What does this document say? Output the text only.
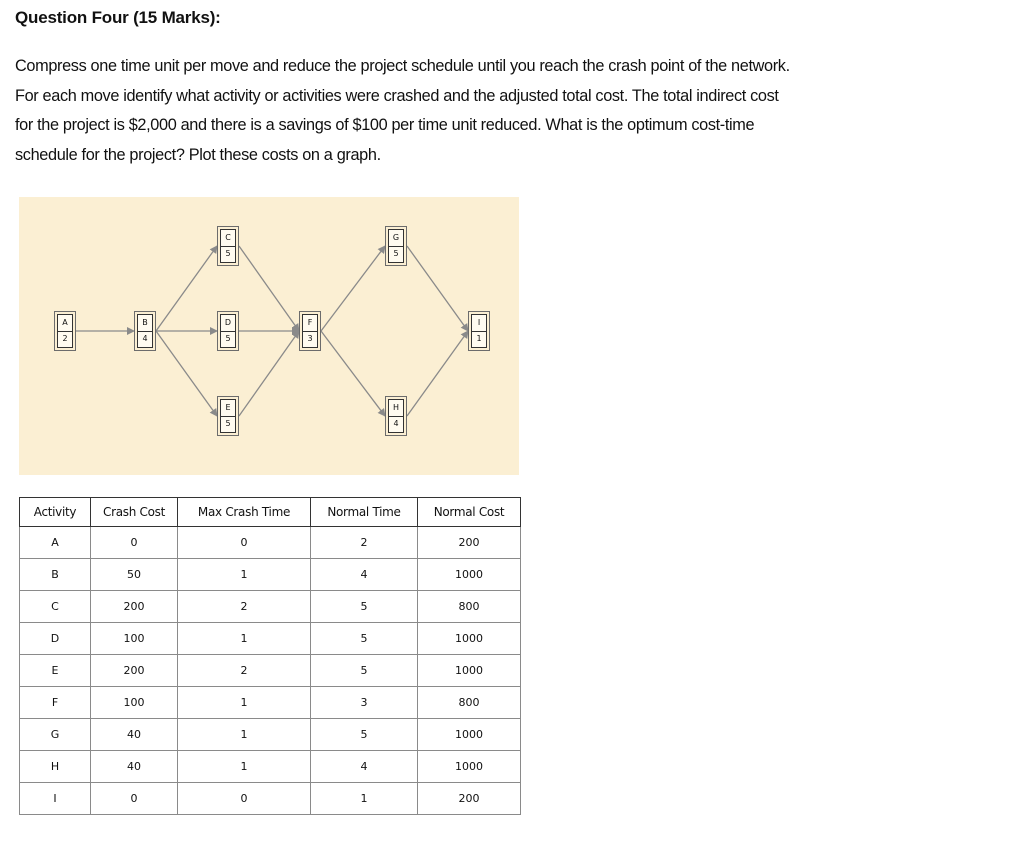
Question Four (15 Marks):
Compress one time unit per move and reduce the project schedule until you reach the crash point of the network.
For each move identify what activity or activities were crashed and the adjusted total cost. The total indirect cost
for the project is $2,000 and there is a savings of $100 per time unit reduced. What is the optimum cost-time
schedule for the project? Plot these costs on a graph.
A
2
B
4
C
5
D
5
E
5
F
3
G
5
H
4
I
1
Activity	Crash Cost	Max Crash Time	Normal Time	Normal Cost
A	0	0	2	200
B	50	1	4	1000
C	200	2	5	800
D	100	1	5	1000
E	200	2	5	1000
F	100	1	3	800
G	40	1	5	1000
H	40	1	4	1000
I	0	0	1	200
